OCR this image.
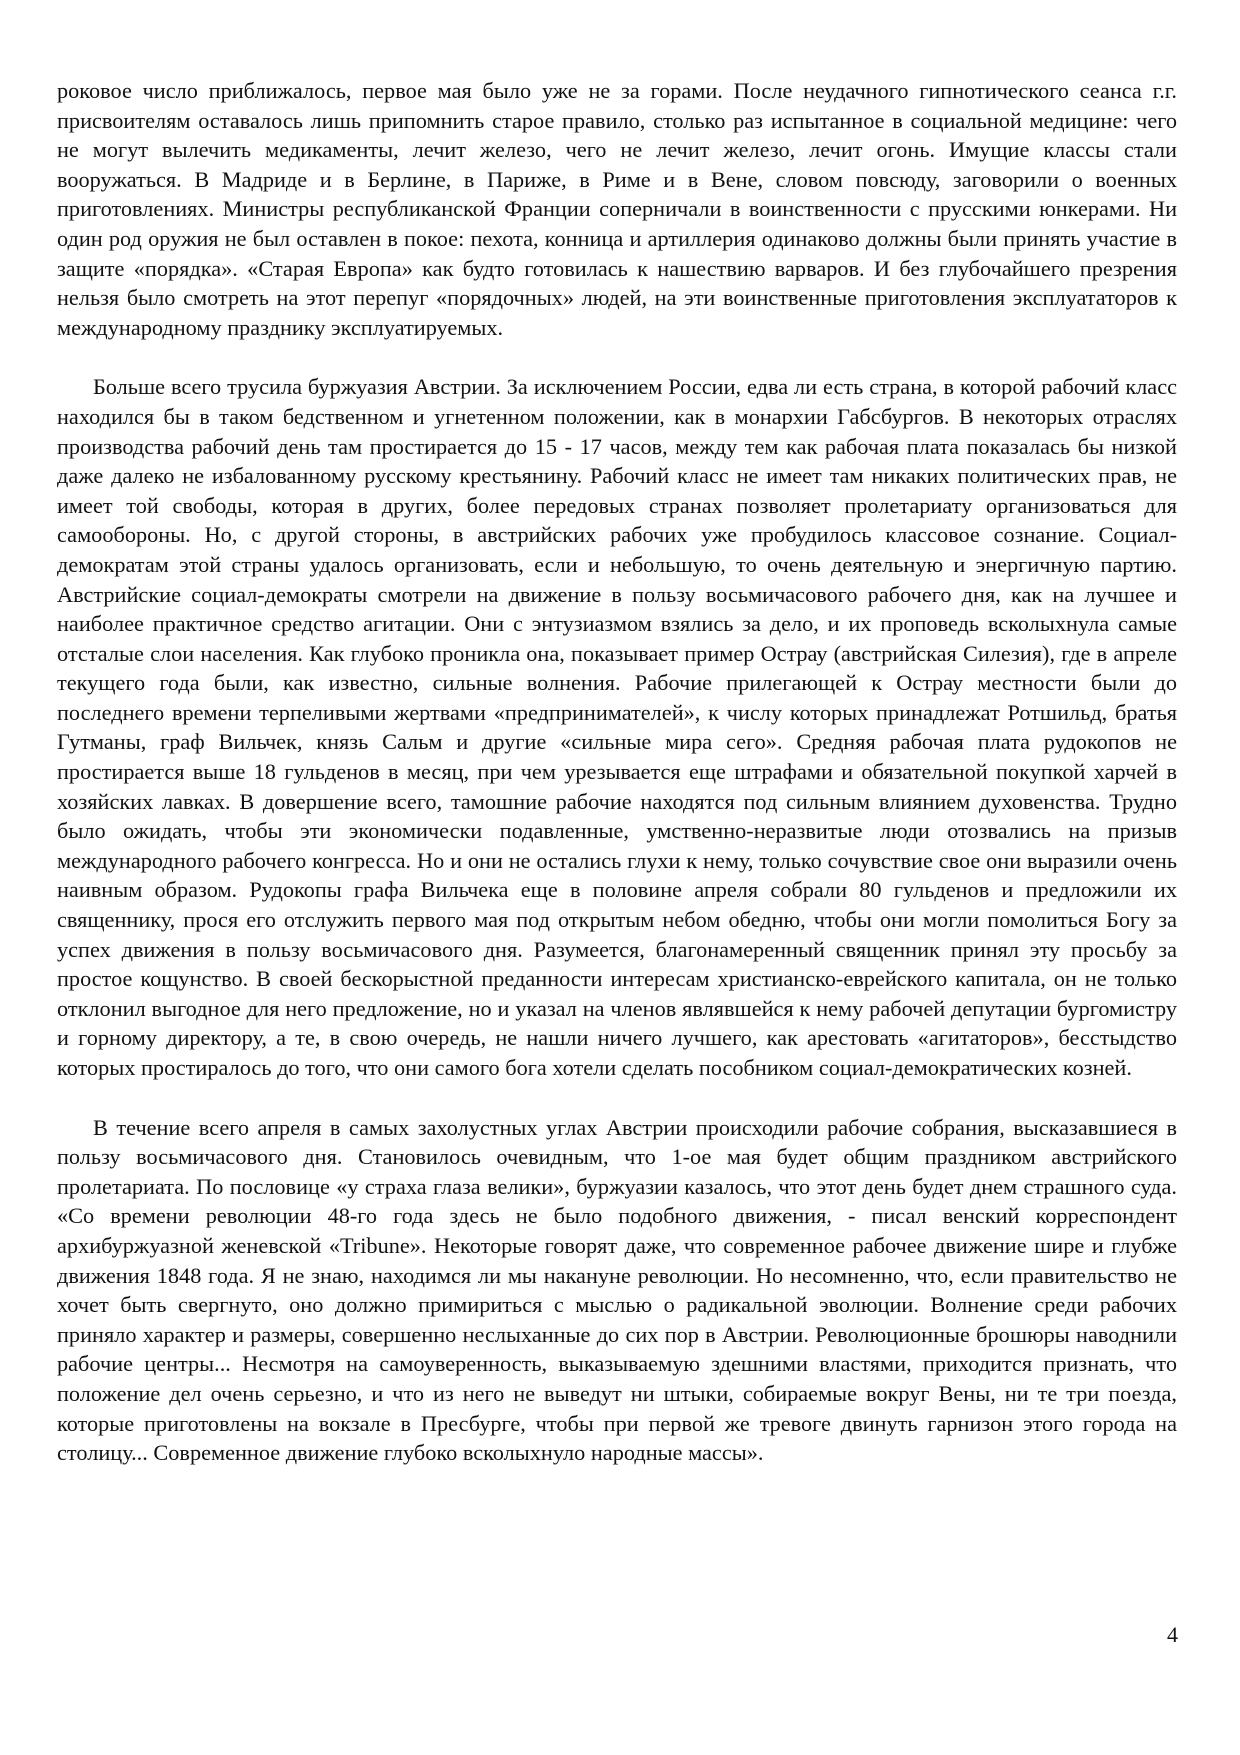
роковое число приближалось, первое мая было уже не за горами. После неудачного гипнотического сеанса г.г. присвоителям оставалось лишь припомнить старое правило, столько раз испытанное в социальной медицине: чего не могут вылечить медикаменты, лечит железо, чего не лечит железо, лечит огонь. Имущие классы стали вооружаться. В Мадриде и в Берлине, в Париже, в Риме и в Вене, словом повсюду, заговорили о военных приготовлениях. Министры республиканской Франции соперничали в воинственности с прусскими юнкерами. Ни один род оружия не был оставлен в покое: пехота, конница и артиллерия одинаково должны были принять участие в защите «порядка». «Старая Европа» как будто готовилась к нашествию варваров. И без глубочайшего презрения нельзя было смотреть на этот перепуг «порядочных» людей, на эти воинственные приготовления эксплуататоров к международному празднику эксплуатируемых.

Больше всего трусила буржуазия Австрии. За исключением России, едва ли есть страна, в которой рабочий класс находился бы в таком бедственном и угнетенном положении, как в монархии Габсбургов. В некоторых отраслях производства рабочий день там простирается до 15 - 17 часов, между тем как рабочая плата показалась бы низкой даже далеко не избалованному русскому крестьянину. Рабочий класс не имеет там никаких политических прав, не имеет той свободы, которая в других, более передовых странах позволяет пролетариату организоваться для самообороны. Но, с другой стороны, в австрийских рабочих уже пробудилось классовое сознание. Социал-демократам этой страны удалось организовать, если и небольшую, то очень деятельную и энергичную партию. Австрийские социал-демократы смотрели на движение в пользу восьмичасового рабочего дня, как на лучшее и наиболее практичное средство агитации. Они с энтузиазмом взялись за дело, и их проповедь всколыхнула самые отсталые слои населения. Как глубоко проникла она, показывает пример Остpау (австрийская Силезия), где в апреле текущего года были, как известно, сильные волнения. Рабочие прилегающей к Остpау местности были до последнего времени терпеливыми жертвами «предпринимателей», к числу которых принадлежат Ротшильд, братья Гутманы, граф Вильчек, князь Сальм и другие «сильные мира сего». Средняя рабочая плата рудокопов не простирается выше 18 гульденов в месяц, при чем урезывается еще штрафами и обязательной покупкой харчей в хозяйских лавках. В довершение всего, тамошние рабочие находятся под сильным влиянием духовенства. Трудно было ожидать, чтобы эти экономически подавленные, умственно-неразвитые люди отозвались на призыв международного рабочего конгресса. Но и они не остались глухи к нему, только сочувствие свое они выразили очень наивным образом. Рудокопы графа Вильчека еще в половине апреля собрали 80 гульденов и предложили их священнику, прося его отслужить первого мая под открытым небом обедню, чтобы они могли помолиться Богу за успех движения в пользу восьмичасового дня. Разумеется, благонамеренный священник принял эту просьбу за простое кощунство. В своей бескорыстной преданности интересам христианско-еврейского капитала, он не только отклонил выгодное для него предложение, но и указал на членов являвшейся к нему рабочей депутации бургомистру и горному директору, а те, в свою очередь, не нашли ничего лучшего, как арестовать «агитаторов», бесстыдство которых простиралось до того, что они самого бога хотели сделать пособником социал-демократических козней.

В течение всего апреля в самых захолустных углах Австрии происходили рабочие собрания, высказавшиеся в пользу восьмичасового дня. Становилось очевидным, что 1-ое мая будет общим праздником австрийского пролетариата. По пословице «у страха глаза велики», буржуазии казалось, что этот день будет днем страшного суда. «Со времени революции 48-го года здесь не было подобного движения, - писал венский корреспондент архибуржуазной женевской «Tribune». Некоторые говорят даже, что современное рабочее движение шире и глубже движения 1848 года. Я не знаю, находимся ли мы накануне революции. Но несомненно, что, если правительство не хочет быть свергнуто, оно должно примириться с мыслью о радикальной эволюции. Волнение среди рабочих приняло характер и размеры, совершенно неслыханные до сих пор в Австрии. Революционные брошюры наводнили рабочие центры... Несмотря на самоуверенность, выказываемую здешними властями, приходится признать, что положение дел очень серьезно, и что из него не выведут ни штыки, собираемые вокруг Вены, ни те три поезда, которые приготовлены на вокзале в Пресбурге, чтобы при первой же тревоге двинуть гарнизон этого города на столицу... Современное движение глубоко всколыхнуло народные массы».

4
